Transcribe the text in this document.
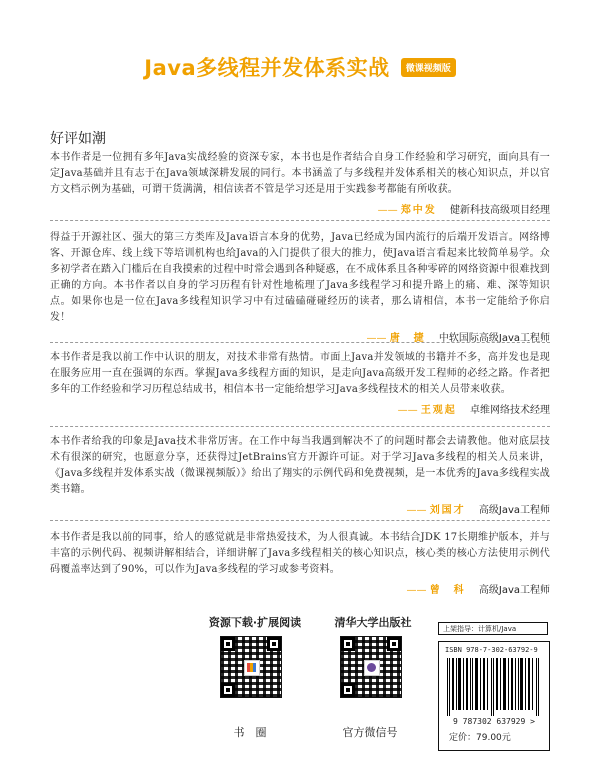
Java多线程并发体系实战 微课视频版
好评如潮

本书作者是一位拥有多年Java实战经验的资深专家，本书也是作者结合自身工作经验和学习研究，面向具有一定Java基础并且有志于在Java领域深耕发展的同行。本书涵盖了与多线程并发体系相关的核心知识点，并以官方文档示例为基础，可谓干货满满，相信读者不管是学习还是用于实践参考都能有所收获。

—— 郑中发 健新科技高级项目经理

得益于开源社区、强大的第三方类库及Java语言本身的优势，Java已经成为国内流行的后端开发语言。网络博客、开源仓库、线上线下等培训机构也给Java的入门提供了很大的推力，使Java语言看起来比较简单易学。众多初学者在踏入门槛后在自我摸索的过程中时常会遇到各种疑惑，在不成体系且各种零碎的网络资源中很难找到正确的方向。本书作者以自身的学习历程有针对性地梳理了Java多线程学习和提升路上的痛、难、深等知识点。如果你也是一位在Java多线程知识学习中有过磕磕碰碰经历的读者，那么请相信，本书一定能给予你启发！

—— 唐　捷 中软国际高级Java工程师

本书作者是我以前工作中认识的朋友，对技术非常有热情。市面上Java并发领域的书籍并不多，高并发也是现在服务应用一直在强调的东西。掌握Java多线程方面的知识，是走向Java高级开发工程师的必经之路。作者把多年的工作经验和学习历程总结成书，相信本书一定能给想学习Java多线程技术的相关人员带来收获。

—— 王观起 卓维网络技术经理

本书作者给我的印象是Java技术非常厉害。在工作中每当我遇到解决不了的问题时都会去请教他。他对底层技术有很深的研究，也愿意分享，还获得过JetBrains官方开源许可证。对于学习Java多线程的相关人员来讲，《Java多线程并发体系实战（微课视频版）》给出了翔实的示例代码和免费视频，是一本优秀的Java多线程实战类书籍。

—— 刘国才 高级Java工程师

本书作者是我以前的同事，给人的感觉就是非常热爱技术，为人很真诚。本书结合JDK 17长期维护版本，并与丰富的示例代码、视频讲解相结合，详细讲解了Java多线程相关的核心知识点，核心类的核心方法使用示例代码覆盖率达到了90%，可以作为Java多线程的学习或参考资料。

—— 曾　科 高级Java工程师
资源下载·扩展阅读	清华大学出版社
书　圈	官方微信号
上架指导：计算机/Java
ISBN 978-7-302-63792-9
9 787302 637929 >
定价：79.00元
